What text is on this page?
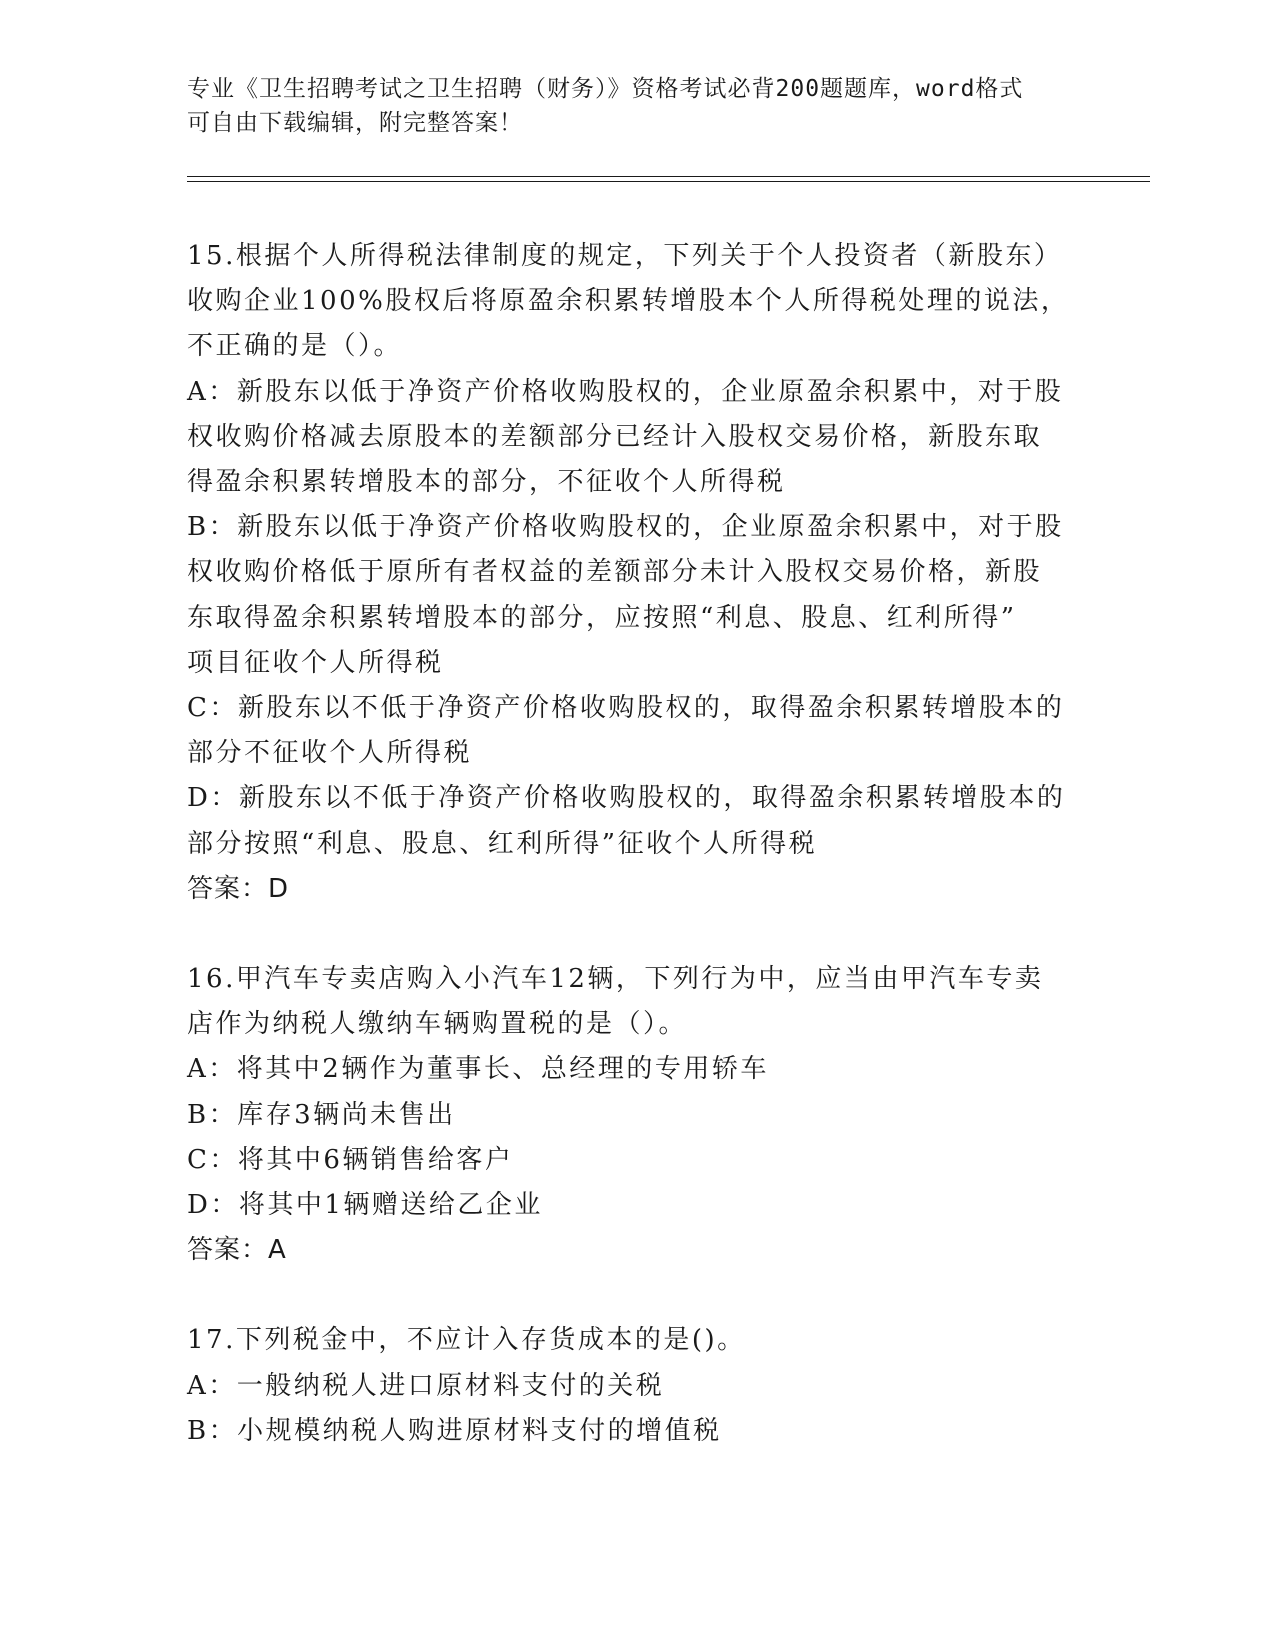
专业《卫生招聘考试之卫生招聘（财务）》资格考试必背200题题库，word格式
可自由下载编辑，附完整答案！
15.根据个人所得税法律制度的规定，下列关于个人投资者（新股东）
收购企业100%股权后将原盈余积累转增股本个人所得税处理的说法，
不正确的是（）。
A：新股东以低于净资产价格收购股权的，企业原盈余积累中，对于股
权收购价格减去原股本的差额部分已经计入股权交易价格，新股东取
得盈余积累转增股本的部分，不征收个人所得税
B：新股东以低于净资产价格收购股权的，企业原盈余积累中，对于股
权收购价格低于原所有者权益的差额部分未计入股权交易价格，新股
东取得盈余积累转增股本的部分，应按照“利息、股息、红利所得”
项目征收个人所得税
C：新股东以不低于净资产价格收购股权的，取得盈余积累转增股本的
部分不征收个人所得税
D：新股东以不低于净资产价格收购股权的，取得盈余积累转增股本的
部分按照“利息、股息、红利所得”征收个人所得税
答案：D
16.甲汽车专卖店购入小汽车12辆，下列行为中，应当由甲汽车专卖
店作为纳税人缴纳车辆购置税的是（）。
A：将其中2辆作为董事长、总经理的专用轿车
B：库存3辆尚未售出
C：将其中6辆销售给客户
D：将其中1辆赠送给乙企业
答案：A
17.下列税金中，不应计入存货成本的是()。
A：一般纳税人进口原材料支付的关税
B：小规模纳税人购进原材料支付的增值税
